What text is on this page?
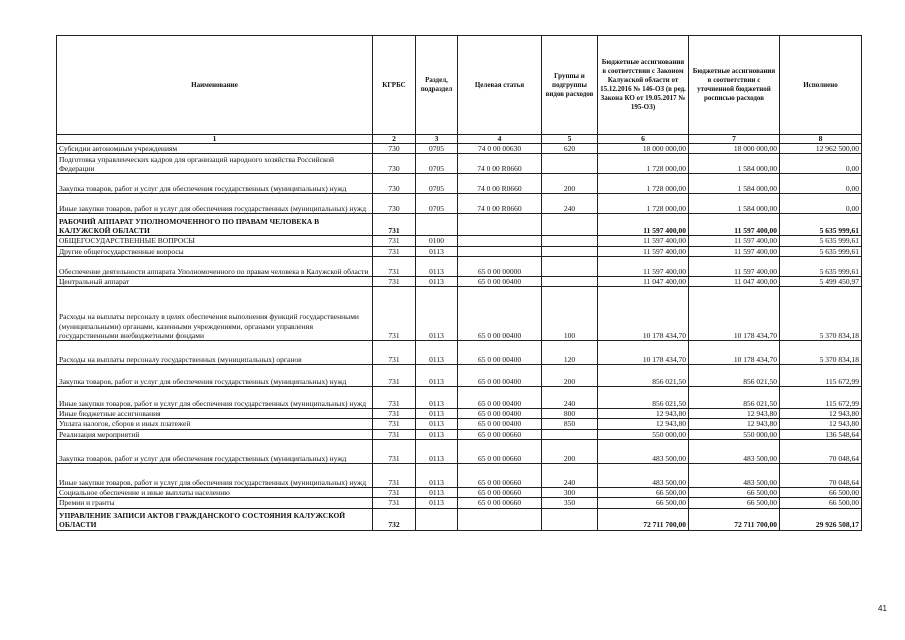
Наименование	КГРБС	Раздел, подраздел	Целевая статья	Группы и подгруппы видов расходов	Бюджетные ассигнования в соответствии с Законом Калужской области от 15.12.2016 № 146-ОЗ (в ред. Закона КО от 19.05.2017 № 195-ОЗ)	Бюджетные ассигнования в соответствии с уточненной бюджетной росписью расходов	Исполнено
1	2	3	4	5	6	7	8
Субсидии автономным учреждениям	730	0705	74 0 00 00630	620	18 000 000,00	18 000 000,00	12 962 500,00
Подготовка управленческих кадров для организаций народного хозяйства Российской Федерации	730	0705	74 0 00 R0660		1 728 000,00	1 584 000,00	0,00
Закупка товаров, работ и услуг для обеспечения государственных (муниципальных) нужд	730	0705	74 0 00 R0660	200	1 728 000,00	1 584 000,00	0,00
Иные закупки товаров, работ и услуг для обеспечения государственных (муниципальных) нужд	730	0705	74 0 00 R0660	240	1 728 000,00	1 584 000,00	0,00
РАБОЧИЙ АППАРАТ УПОЛНОМОЧЕННОГО ПО ПРАВАМ ЧЕЛОВЕКА В КАЛУЖСКОЙ ОБЛАСТИ	731				11 597 400,00	11 597 400,00	5 635 999,61
ОБЩЕГОСУДАРСТВЕННЫЕ ВОПРОСЫ	731	0100			11 597 400,00	11 597 400,00	5 635 999,61
Другие общегосударственные вопросы	731	0113			11 597 400,00	11 597 400,00	5 635 999,61
Обеспечение деятельности аппарата Уполномоченного по правам человека в Калужской области	731	0113	65 0 00 00000		11 597 400,00	11 597 400,00	5 635 999,61
Центральный аппарат	731	0113	65 0 00 00400		11 047 400,00	11 047 400,00	5 499 450,97
Расходы на выплаты персоналу в целях обеспечения выполнения функций государственными (муниципальными) органами, казенными учреждениями, органами управления государственными внебюджетными фондами	731	0113	65 0 00 00400	100	10 178 434,70	10 178 434,70	5 370 834,18
Расходы на выплаты персоналу государственных (муниципальных) органов	731	0113	65 0 00 00400	120	10 178 434,70	10 178 434,70	5 370 834,18
Закупка товаров, работ и услуг для обеспечения государственных (муниципальных) нужд	731	0113	65 0 00 00400	200	856 021,50	856 021,50	115 672,99
Иные закупки товаров, работ и услуг для обеспечения государственных (муниципальных) нужд	731	0113	65 0 00 00400	240	856 021,50	856 021,50	115 672,99
Иные бюджетные ассигнования	731	0113	65 0 00 00400	800	12 943,80	12 943,80	12 943,80
Уплата налогов, сборов и иных платежей	731	0113	65 0 00 00400	850	12 943,80	12 943,80	12 943,80
Реализация мероприятий	731	0113	65 0 00 00660		550 000,00	550 000,00	136 548,64
Закупка товаров, работ и услуг для обеспечения государственных (муниципальных) нужд	731	0113	65 0 00 00660	200	483 500,00	483 500,00	70 048,64
Иные закупки товаров, работ и услуг для обеспечения государственных (муниципальных) нужд	731	0113	65 0 00 00660	240	483 500,00	483 500,00	70 048,64
Социальное обеспечение и иные выплаты населению	731	0113	65 0 00 00660	300	66 500,00	66 500,00	66 500,00
Премии и гранты	731	0113	65 0 00 00660	350	66 500,00	66 500,00	66 500,00
УПРАВЛЕНИЕ ЗАПИСИ АКТОВ ГРАЖДАНСКОГО СОСТОЯНИЯ КАЛУЖСКОЙ ОБЛАСТИ	732				72 711 700,00	72 711 700,00	29 926 508,17
41
